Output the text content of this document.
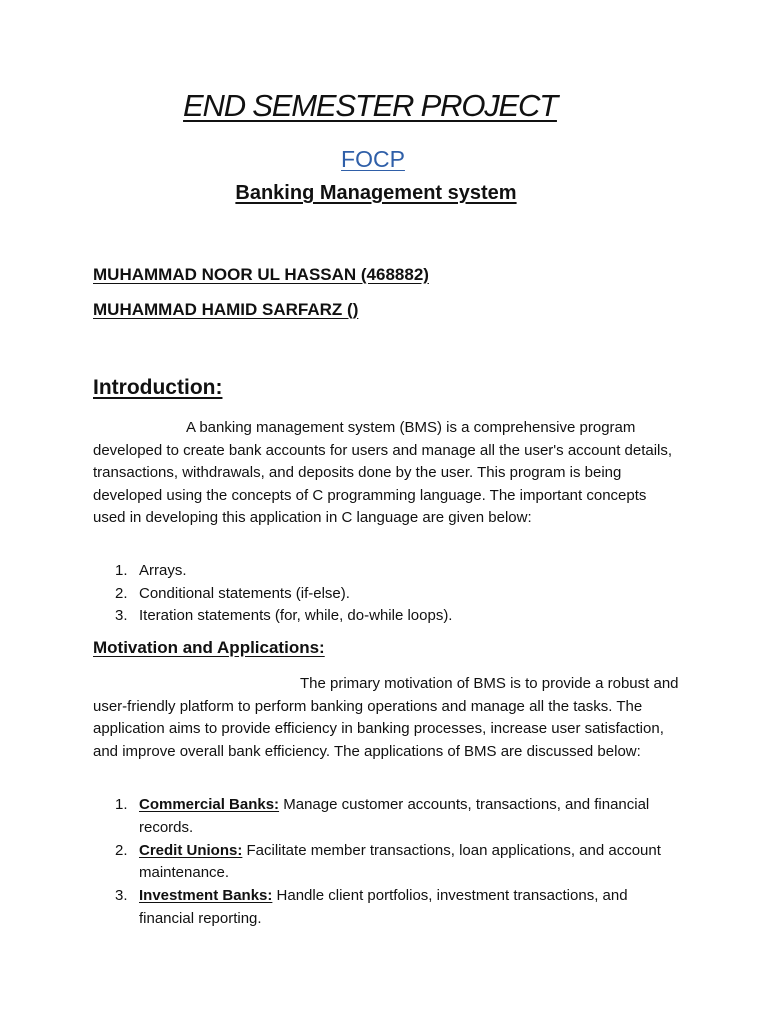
END SEMESTER PROJECT
FOCP
Banking Management system
MUHAMMAD NOOR UL HASSAN (468882)
MUHAMMAD HAMID SARFARZ ()
Introduction:

A banking management system (BMS) is a comprehensive program developed to create bank accounts for users and manage all the user's account details, transactions, withdrawals, and deposits done by the user. This program is being developed using the concepts of C programming language. The important concepts used in developing this application in C language are given below:

1. Arrays.
2. Conditional statements (if-else).
3. Iteration statements (for, while, do-while loops).
Motivation and Applications:

The primary motivation of BMS is to provide a robust and user-friendly platform to perform banking operations and manage all the tasks. The application aims to provide efficiency in banking processes, increase user satisfaction, and improve overall bank efficiency. The applications of BMS are discussed below:

1. Commercial Banks: Manage customer accounts, transactions, and financial records.
2. Credit Unions: Facilitate member transactions, loan applications, and account maintenance.
3. Investment Banks: Handle client portfolios, investment transactions, and financial reporting.
